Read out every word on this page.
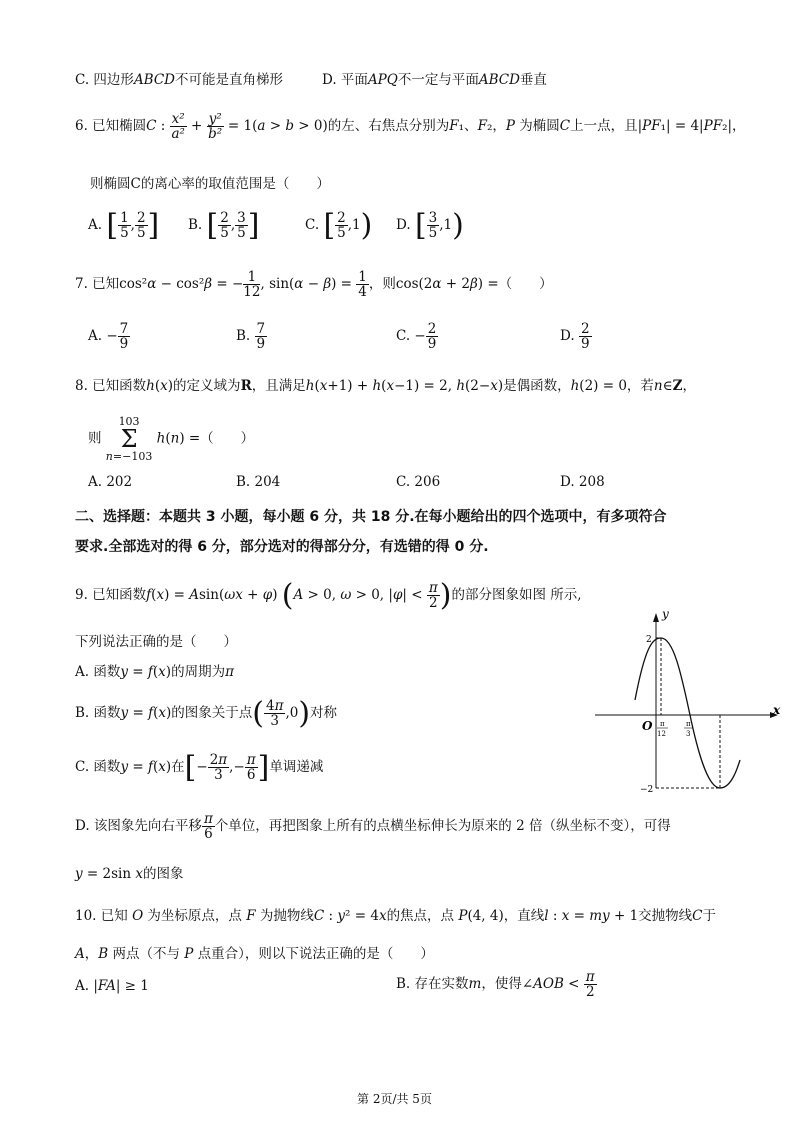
C. 四边形ABCD不可能是直角梯形	D. 平面APQ不一定与平面ABCD垂直
6. 已知椭圆C : $\frac{\text{x²}}{\text{a²}} + \frac{\text{y²}}{\text{b²}} = 1(a > b > 0)$的左、右焦点分别为F₁、F₂，P 为椭圆C上一点，且|PF₁| = 4|PF₂|，
则椭圆C的离心率的取值范围是（　　）
A. [ $\frac{1}{5}$ , $\frac{2}{5}$ ] B. [ $\frac{2}{5}$ , $\frac{3}{5}$ ]	C. [ $\frac{2}{5} ,1$) D. [ $\frac{3}{5} ,1$)
7. 已知cos²α − cos²β = − $\frac{1}{12}$ , $\sin(\alpha - \beta) = \frac{1}{4}$ ，则cos(2α + 2β) =（　　）
A. − $\frac{7}{9}$	B. $\frac{7}{9}$	C. − $\frac{2}{9}$	D. $\frac{2}{9}$
8. 已知函数h(x)的定义域为R，且满足h(x+1) + h(x−1) = 2, h(2−x)是偶函数，h(2) = 0，若n∈Z，
则
103
Σ
n=−103
h(n) =（　　）
A. 202	B. 204	C. 206	D. 208
二、选择题：本题共 3 小题，每小题 6 分，共 18 分.在每小题给出的四个选项中，有多项符合
要求.全部选对的得 6 分，部分选对的得部分分，有选错的得 0 分.
9. 已知函数f(x) = Asin(ωx + φ) (A > 0, ω > 0, $|\varphi| < \frac{\pi}{2}$ )的部分图象如图 所示,
下列说法正确的是（　　）
A. 函数y = f(x)的周期为π
B. 函数y = f(x)的图象关于点( $\frac{4\pi}{3} ,0$)对称
C. 函数y = f(x)在[− $\frac{2\pi}{3}$ ,− $\frac{\pi}{6}$ ]单调递减
D. 该图象先向右平移 $\frac{\pi}{6}$ 个单位，再把图象上所有的点横坐标伸长为原来的 2 倍（纵坐标不变），可得
y = 2sin x的图象
y
x
O
2
−2
π
12
π
3
10. 已知 O 为坐标原点，点 F 为抛物线C : y² = 4x的焦点，点 P(4, 4)，直线l : x = my + 1交抛物线C于
A，B 两点（不与 P 点重合），则以下说法正确的是（　　）
A. |FA| ≥ 1	B. 存在实数m，使得∠AOB < $\frac{\pi}{2}$
第 2页/共 5页
